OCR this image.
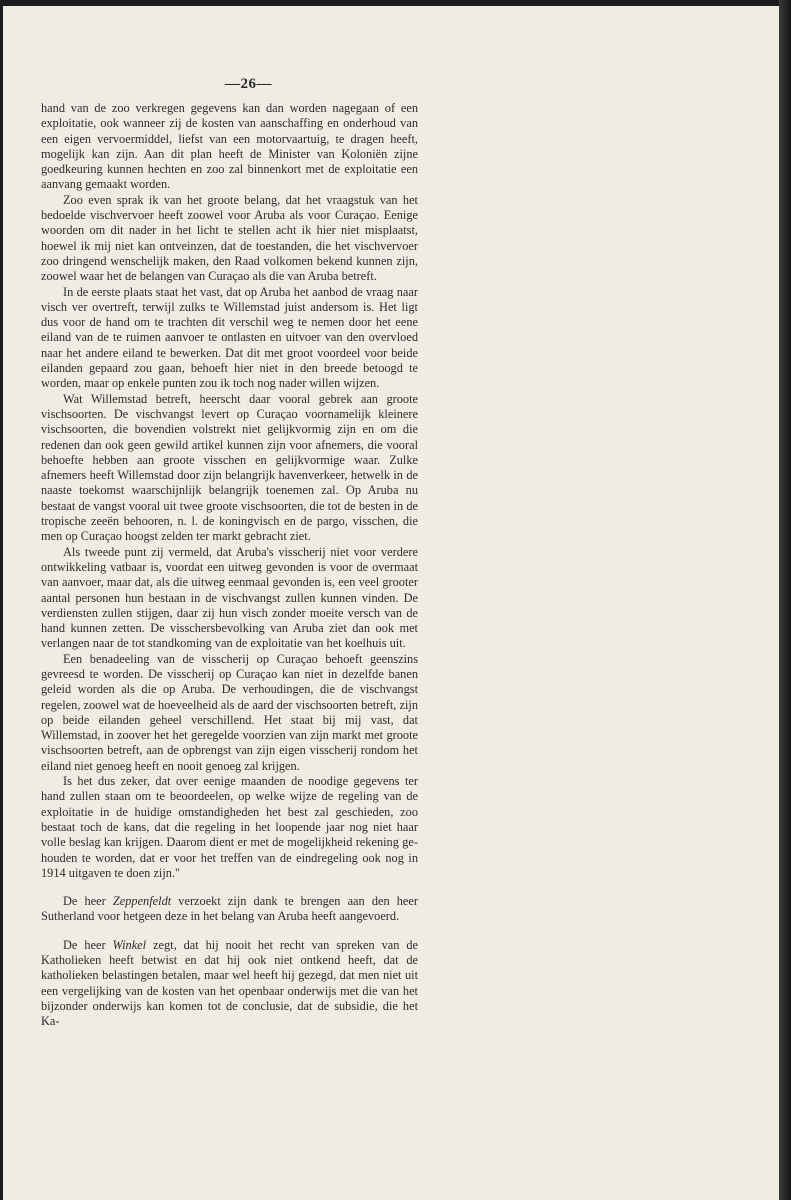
—26—

hand van de zoo verkregen gegevens kan dan worden nagegaan of een exploitatie, ook wanneer zij de kosten van aanschaffing en onderhoud van een eigen vervoermiddel, liefst van een motorvaartuig, te dragen heeft, mogelijk kan zijn. Aan dit plan heeft de Minister van Koloniën zijne goedkeuring kunnen hechten en zoo zal binnenkort met de exploitatie een aanvang gemaakt worden.

Zoo even sprak ik van het groote belang, dat het vraagstuk van het bedoelde vischvervoer heeft zoowel voor Aruba als voor Curaçao. Eenige woorden om dit nader in het licht te stellen acht ik hier niet misplaatst, hoewel ik mij niet kan ontveinzen, dat de toestanden, die het vischvervoer zoo dringend wenschelijk maken, den Raad volkomen bekend kunnen zijn, zoowel waar het de belangen van Curaçao als die van Aruba betreft.

In de eerste plaats staat het vast, dat op Aruba het aanbod de vraag naar visch ver overtreft, terwijl zulks te Willemstad juist andersom is. Het ligt dus voor de hand om te trachten dit verschil weg te nemen door het eene eiland van de te ruimen aanvoer te ontlasten en uitvoer van den overvloed naar het andere eiland te bewerken. Dat dit met groot voordeel voor beide eilanden gepaard zou gaan, behoeft hier niet in den breede betoogd te worden, maar op enkele punten zou ik toch nog nader willen wijzen.

Wat Willemstad betreft, heerscht daar vooral gebrek aan groote vischsoorten. De vischvangst levert op Curaçao voornamelijk kleinere vischsoorten, die bovendien volstrekt niet gelijkvormig zijn en om die redenen dan ook geen gewild artikel kunnen zijn voor afnemers, die vooral behoefte hebben aan groote visschen en gelijkvormige waar. Zulke afnemers heeft Willemstad door zijn belangrijk havenverkeer, hetwelk in de naaste toekomst waarschijnlijk belangrijk toenemen zal. Op Aruba nu bestaat de vangst vooral uit twee groote vischsoorten, die tot de besten in de tropische zeeën behooren, n. l. de koningvisch en de pargo, visschen, die men op Curaçao hoogst zelden ter markt gebracht ziet.

Als tweede punt zij vermeld, dat Aruba's visscherij niet voor verdere ontwikkeling vatbaar is, voordat een uitweg gevonden is voor de overmaat van aanvoer, maar dat, als die uitweg eenmaal gevonden is, een veel grooter aantal personen hun bestaan in de vischvangst zullen kunnen vinden. De verdiensten zullen stijgen, daar zij hun visch zonder moeite versch van de hand kunnen zetten. De visschersbevolking van Aruba ziet dan ook met verlangen naar de tot standkoming van de exploitatie van het koelhuis uit.

Een benadeeling van de visscherij op Curaçao behoeft geenszins gevreesd te worden. De visscherij op Curaçao kan niet in dezelfde banen geleid worden als die op Aruba. De verhoudingen, die de vischvangst regelen, zoowel wat de hoeveelheid als de aard der vischsoorten betreft, zijn op beide eilanden geheel verschillend. Het staat bij mij vast, dat Willemstad, in zoover het het geregelde voorzien van zijn markt met groote vischsoorten betreft, aan de opbrengst van zijn eigen visscherij rondom het eiland niet genoeg heeft en nooit genoeg zal krijgen.

Is het dus zeker, dat over eenige maanden de noodige gegevens ter hand zullen staan om te beoordeelen, op welke wijze de regeling van de exploitatie in de huidige omstandigheden het best zal geschieden, zoo bestaat toch de kans, dat die regeling in het loopende jaar nog niet haar volle beslag kan krijgen. Daarom dient er met de mogelijkheid rekening gehouden te worden, dat er voor het treffen van de eindregeling ook nog in 1914 uitgaven te doen zijn."

De heer Zeppenfeldt verzoekt zijn dank te brengen aan den heer Sutherland voor hetgeen deze in het belang van Aruba heeft aangevoerd.

De heer Winkel zegt, dat hij nooit het recht van spreken van de Katholieken heeft betwist en dat hij ook niet ontkend heeft, dat de katholieken belastingen betalen, maar wel heeft hij gezegd, dat men niet uit een vergelijking van de kosten van het openbaar onderwijs met die van het bijzonder onderwijs kan komen tot de conclusie, dat de subsidie, die het Ka-
